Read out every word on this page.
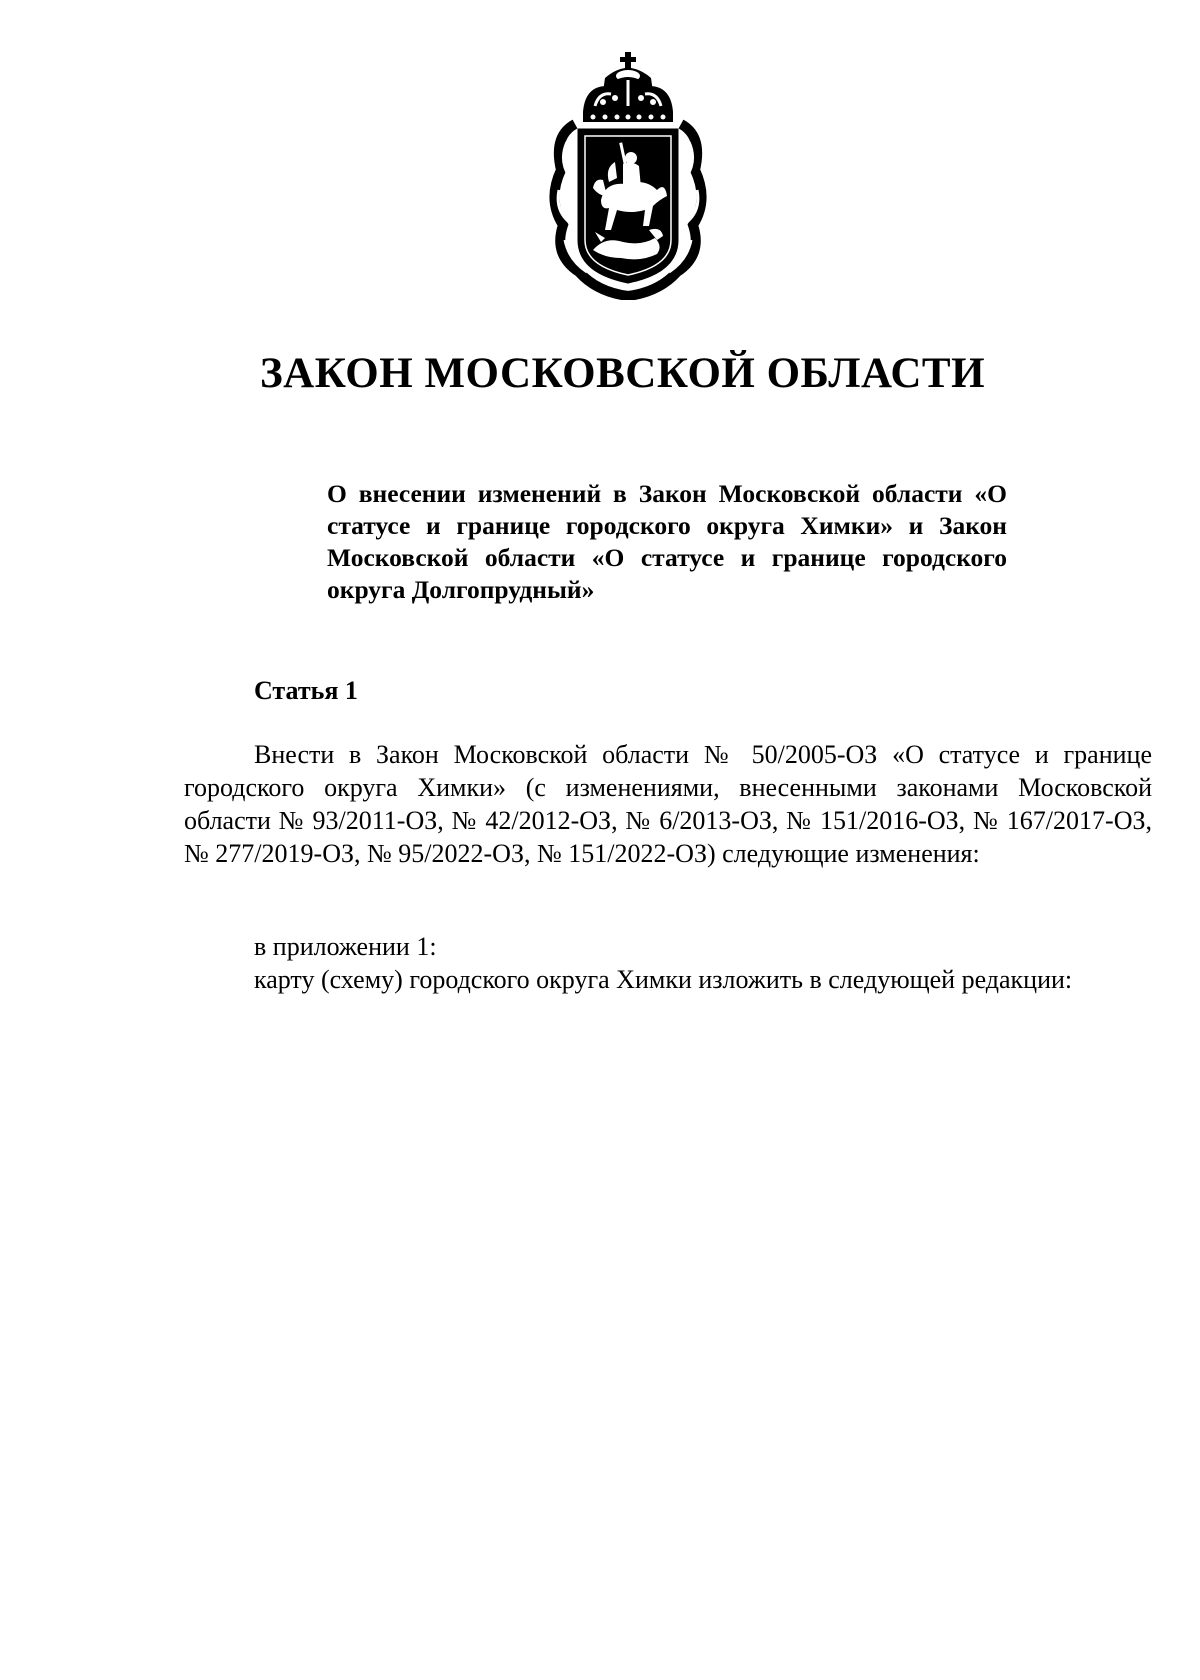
ЗАКОН МОСКОВСКОЙ ОБЛАСТИ

О внесении изменений в Закон Московской области «О статусе и границе городского округа Химки» и Закон Московской области «О статусе и границе городского округа Долгопрудный»

Статья 1

Внести в Закон Московской области № 50/2005-ОЗ «О статусе и границе городского округа Химки» (с изменениями, внесенными законами Московской области № 93/2011-ОЗ, № 42/2012-ОЗ, № 6/2013-ОЗ, № 151/2016-ОЗ, № 167/2017-ОЗ, № 277/2019-ОЗ, № 95/2022-ОЗ, № 151/2022-ОЗ) следующие изменения:

в приложении 1:

карту (схему) городского округа Химки изложить в следующей редакции:
